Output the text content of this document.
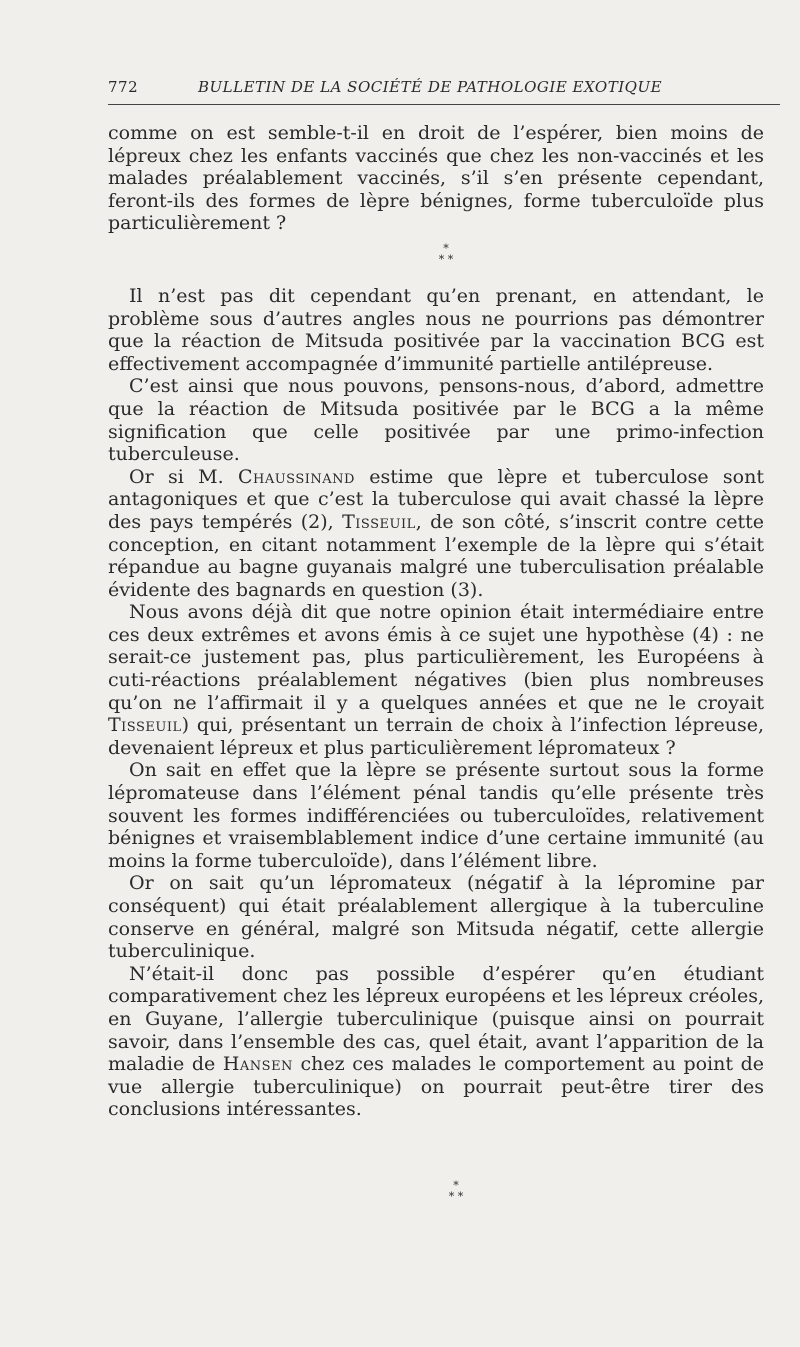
772	BULLETIN DE LA SOCIÉTÉ DE PATHOLOGIE EXOTIQUE

comme on est semble-t-il en droit de l’espérer, bien moins de lépreux chez les enfants vaccinés que chez les non-vaccinés et les malades préalablement vaccinés, s’il s’en présente cependant, feront-ils des formes de lèpre bénignes, forme tuberculoïde plus particulièrement ?

*
* *

Il n’est pas dit cependant qu’en prenant, en attendant, le problème sous d’autres angles nous ne pourrions pas démontrer que la réaction de Mitsuda positivée par la vaccination BCG est effectivement accompagnée d’immunité partielle antilépreuse.

C’est ainsi que nous pouvons, pensons-nous, d’abord, admettre que la réaction de Mitsuda positivée par le BCG a la même signification que celle positivée par une primo-infection tuberculeuse.

Or si M. Chaussinand estime que lèpre et tuberculose sont antagoniques et que c’est la tuberculose qui avait chassé la lèpre des pays tempérés (2), Tisseuil, de son côté, s’inscrit contre cette conception, en citant notamment l’exemple de la lèpre qui s’était répandue au bagne guyanais malgré une tuberculisation préalable évidente des bagnards en question (3).

Nous avons déjà dit que notre opinion était intermédiaire entre ces deux extrêmes et avons émis à ce sujet une hypothèse (4) : ne serait-ce justement pas, plus particulièrement, les Européens à cuti-réactions préalablement négatives (bien plus nombreuses qu’on ne l’affirmait il y a quelques années et que ne le croyait Tisseuil) qui, présentant un terrain de choix à l’infection lépreuse, devenaient lépreux et plus particulièrement lépromateux ?

On sait en effet que la lèpre se présente surtout sous la forme lépromateuse dans l’élément pénal tandis qu’elle présente très souvent les formes indifférenciées ou tuberculoïdes, relativement bénignes et vraisemblablement indice d’une certaine immunité (au moins la forme tuberculoïde), dans l’élément libre.

Or on sait qu’un lépromateux (négatif à la lépromine par conséquent) qui était préalablement allergique à la tuberculine conserve en général, malgré son Mitsuda négatif, cette allergie tuberculinique.

N’était-il donc pas possible d’espérer qu’en étudiant comparativement chez les lépreux européens et les lépreux créoles, en Guyane, l’allergie tuberculinique (puisque ainsi on pourrait savoir, dans l’ensemble des cas, quel était, avant l’apparition de la maladie de Hansen chez ces malades le comportement au point de vue allergie tuberculinique) on pourrait peut-être tirer des conclusions intéressantes.

*
* *
